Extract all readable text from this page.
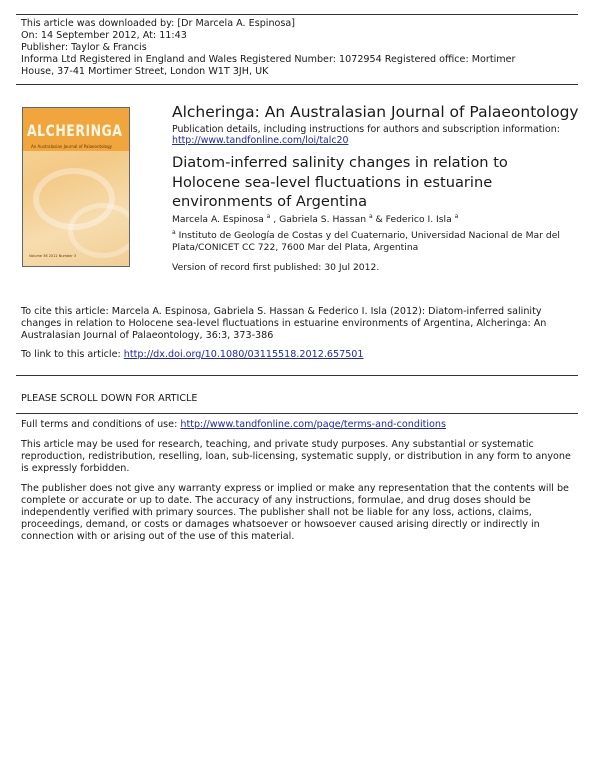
This article was downloaded by: [Dr Marcela A. Espinosa]
On: 14 September 2012, At: 11:43
Publisher: Taylor & Francis
Informa Ltd Registered in England and Wales Registered Number: 1072954 Registered office: Mortimer
House, 37-41 Mortimer Street, London W1T 3JH, UK
ALCHERINGA
An Australasian Journal of Palaeontology
Volume 36 2012 Number 3
Alcheringa: An Australasian Journal of Palaeontology
Publication details, including instructions for authors and subscription information:
http://www.tandfonline.com/loi/talc20
Diatom-inferred salinity changes in relation to Holocene sea-level fluctuations in estuarine environments of Argentina
Marcela A. Espinosa $^a$ , Gabriela S. Hassan $^a$ & Federico I. Isla $^a$
$^a$ Instituto de Geología de Costas y del Cuaternario, Universidad Nacional de Mar del Plata/CONICET CC 722, 7600 Mar del Plata, Argentina
Version of record first published: 30 Jul 2012.
To cite this article: Marcela A. Espinosa, Gabriela S. Hassan & Federico I. Isla (2012): Diatom-inferred salinity changes in relation to Holocene sea-level fluctuations in estuarine environments of Argentina, Alcheringa: An Australasian Journal of Palaeontology, 36:3, 373-386
To link to this article: http://dx.doi.org/10.1080/03115518.2012.657501
PLEASE SCROLL DOWN FOR ARTICLE
Full terms and conditions of use: http://www.tandfonline.com/page/terms-and-conditions
This article may be used for research, teaching, and private study purposes. Any substantial or systematic reproduction, redistribution, reselling, loan, sub-licensing, systematic supply, or distribution in any form to anyone is expressly forbidden.
The publisher does not give any warranty express or implied or make any representation that the contents will be complete or accurate or up to date. The accuracy of any instructions, formulae, and drug doses should be independently verified with primary sources. The publisher shall not be liable for any loss, actions, claims, proceedings, demand, or costs or damages whatsoever or howsoever caused arising directly or indirectly in connection with or arising out of the use of this material.
